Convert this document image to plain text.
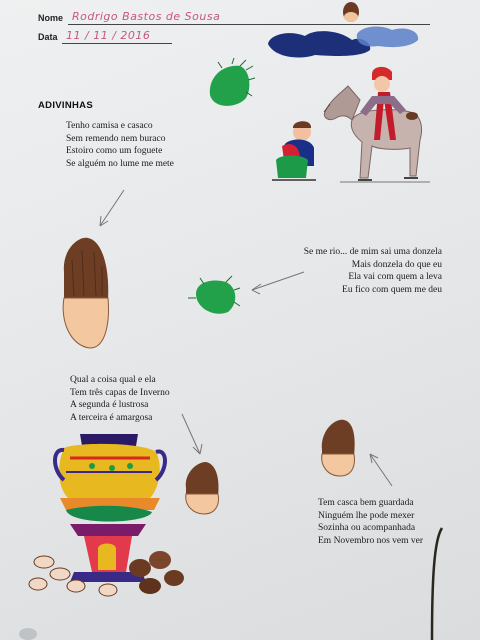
Nome Rodrigo Bastos de Sousa
Data 11 / 11 / 2016
ADIVINHAS
Tenho camisa e casaco
Sem remendo nem buraco
Estoiro como um foguete
Se alguém no lume me mete
Se me rio... de mim sai uma donzela
Mais donzela do que eu
Ela vai com quem a leva
Eu fico com quem me deu
Qual a coisa qual e ela
Tem três capas de Inverno
A segunda é lustrosa
A terceira é amargosa
Tem casca bem guardada
Ninguém lhe pode mexer
Sozinha ou acompanhada
Em Novembro nos vem ver
